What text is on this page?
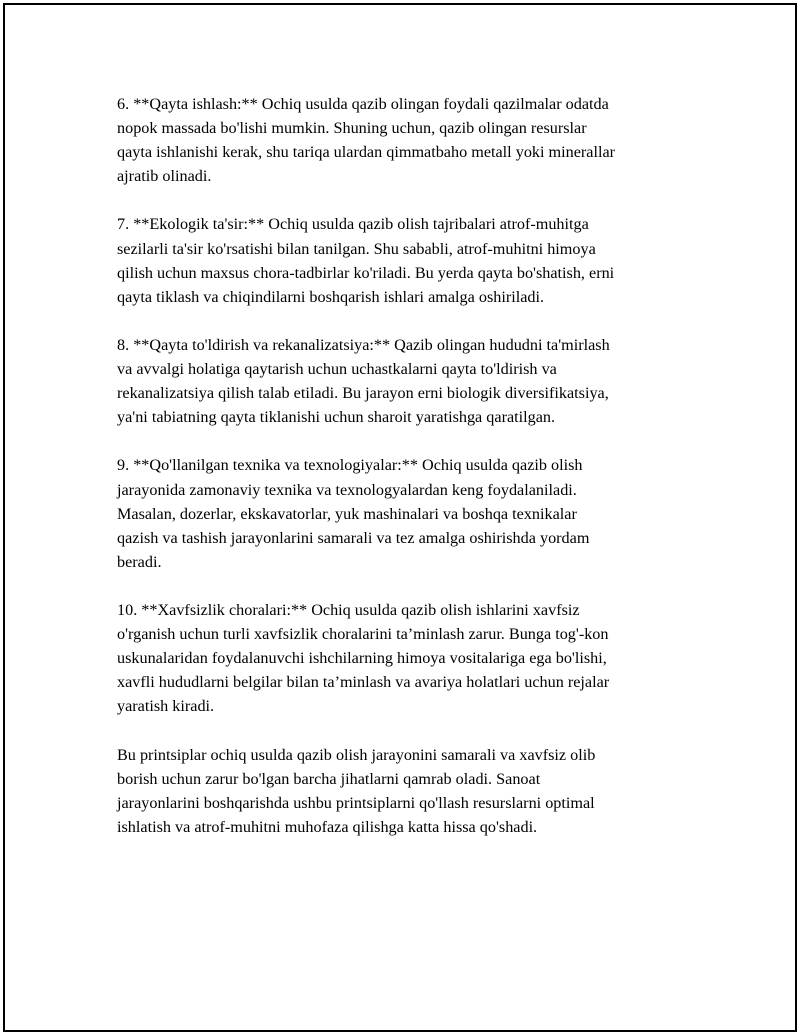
6. **Qayta ishlash:** Ochiq usulda qazib olingan foydali qazilmalar odatda
nopok massada bo'lishi mumkin. Shuning uchun, qazib olingan resurslar
qayta ishlanishi kerak, shu tariqa ulardan qimmatbaho metall yoki minerallar
ajratib olinadi.
7. **Ekologik ta'sir:** Ochiq usulda qazib olish tajribalari atrof-muhitga
sezilarli ta'sir ko'rsatishi bilan tanilgan. Shu sababli, atrof-muhitni himoya
qilish uchun maxsus chora-tadbirlar ko'riladi. Bu yerda qayta bo'shatish, erni
qayta tiklash va chiqindilarni boshqarish ishlari amalga oshiriladi.
8. **Qayta to'ldirish va rekanalizatsiya:** Qazib olingan hududni ta'mirlash
va avvalgi holatiga qaytarish uchun uchastkalarni qayta to'ldirish va
rekanalizatsiya qilish talab etiladi. Bu jarayon erni biologik diversifikatsiya,
ya'ni tabiatning qayta tiklanishi uchun sharoit yaratishga qaratilgan.
9. **Qo'llanilgan texnika va texnologiyalar:** Ochiq usulda qazib olish
jarayonida zamonaviy texnika va texnologyalardan keng foydalaniladi.
Masalan, dozerlar, ekskavatorlar, yuk mashinalari va boshqa texnikalar
qazish va tashish jarayonlarini samarali va tez amalga oshirishda yordam
beradi.
10. **Xavfsizlik choralari:** Ochiq usulda qazib olish ishlarini xavfsiz
o'rganish uchun turli xavfsizlik choralarini ta’minlash zarur. Bunga tog'-kon
uskunalaridan foydalanuvchi ishchilarning himoya vositalariga ega bo'lishi,
xavfli hududlarni belgilar bilan ta’minlash va avariya holatlari uchun rejalar
yaratish kiradi.
Bu printsiplar ochiq usulda qazib olish jarayonini samarali va xavfsiz olib
borish uchun zarur bo'lgan barcha jihatlarni qamrab oladi. Sanoat
jarayonlarini boshqarishda ushbu printsiplarni qo'llash resurslarni optimal
ishlatish va atrof-muhitni muhofaza qilishga katta hissa qo'shadi.
